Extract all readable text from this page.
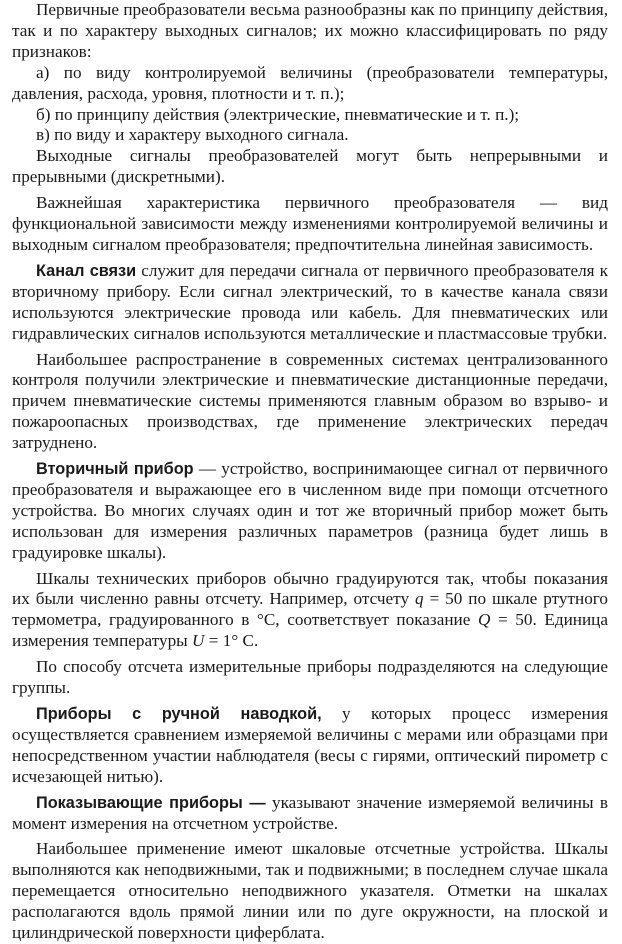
Первичные преобразователи весьма разнообразны как по принципу действия, так и по характеру выходных сигналов; их можно классифицировать по ряду признаков:

а) по виду контролируемой величины (преобразователи температуры, давления, расхода, уровня, плотности и т. п.);

б) по принципу действия (электрические, пневматические и т. п.);

в) по виду и характеру выходного сигнала.

Выходные сигналы преобразователей могут быть непрерывными и прерывными (дискретными).

Важнейшая характеристика первичного преобразователя — вид функциональной зависимости между изменениями контролируемой величины и выходным сигналом преобразователя; предпочтительна линейная зависимость.

Канал связи служит для передачи сигнала от первичного преобразователя к вторичному прибору. Если сигнал электрический, то в качестве канала связи используются электрические провода или кабель. Для пневматических или гидравлических сигналов используются металлические и пластмассовые трубки.

Наибольшее распространение в современных системах централизованного контроля получили электрические и пневматические дистанционные передачи, причем пневматические системы применяются главным образом во взрыво- и пожароопасных производствах, где применение электрических передач затруднено.

Вторичный прибор — устройство, воспринимающее сигнал от первичного преобразователя и выражающее его в численном виде при помощи отсчетного устройства. Во многих случаях один и тот же вторичный прибор может быть использован для измерения различных параметров (разница будет лишь в градуировке шкалы).

Шкалы технических приборов обычно градуируются так, чтобы показания их были численно равны отсчету. Например, отсчету q = 50 по шкале ртутного термометра, градуированного в °C, соответствует показание Q = 50. Единица измерения температуры U = 1° C.

По способу отсчета измерительные приборы подразделяются на следующие группы.

Приборы с ручной наводкой, у которых процесс измерения осуществляется сравнением измеряемой величины с мерами или образцами при непосредственном участии наблюдателя (весы с гирями, оптический пирометр с исчезающей нитью).

Показывающие приборы — указывают значение измеряемой величины в момент измерения на отсчетном устройстве.

Наибольшее применение имеют шкаловые отсчетные устройства. Шкалы выполняются как неподвижными, так и подвижными; в последнем случае шкала перемещается относительно неподвижного указателя. Отметки на шкалах располагаются вдоль прямой линии или по дуге окружности, на плоской и цилиндрической поверхности циферблата.
